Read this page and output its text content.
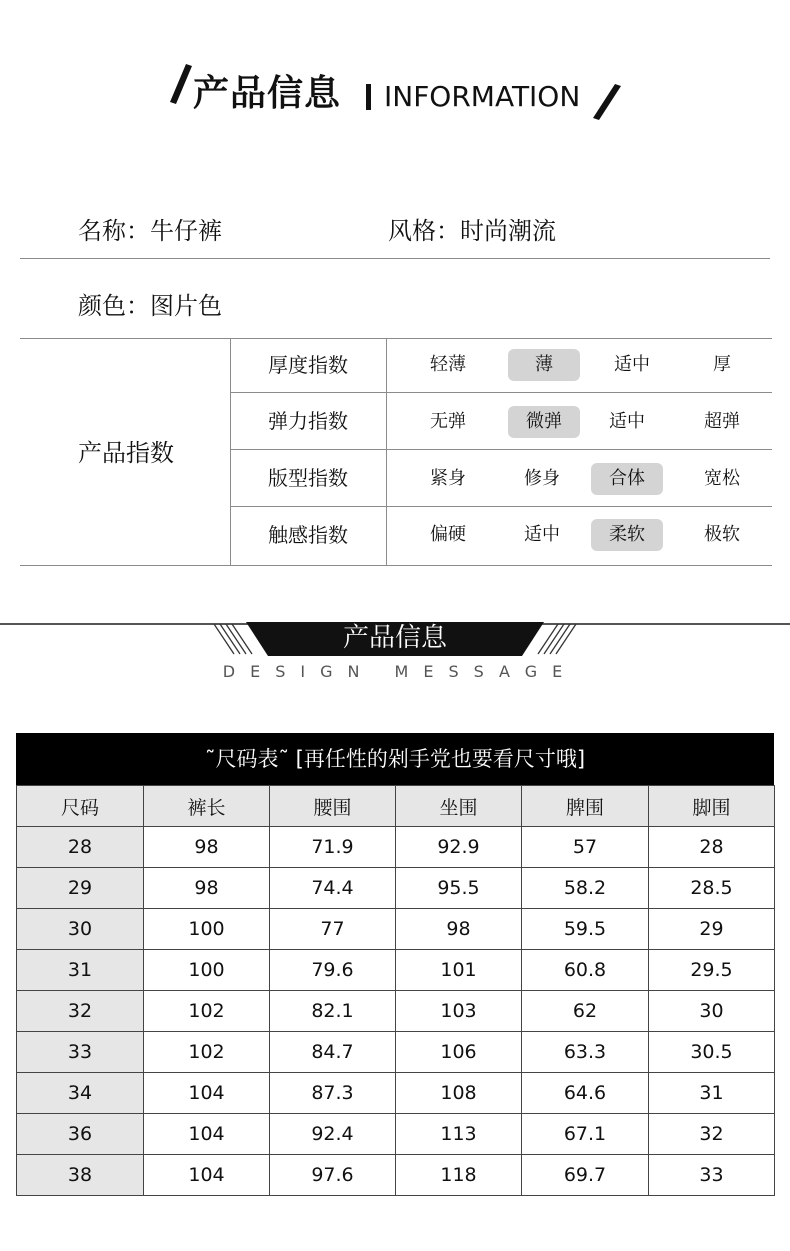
产品信息 INFORMATION
名称：牛仔裤	风格：时尚潮流
颜色：图片色
产品指数
厚度指数	轻薄	薄	适中	厚
弹力指数	无弹	微弹	适中	超弹
版型指数	紧身	修身	合体	宽松
触感指数	偏硬	适中	柔软	极软
产品信息
DESIGN MESSAGE
˜尺码表˜ [再任性的剁手党也要看尺寸哦]
尺码	裤长	腰围	坐围	脾围	脚围
28	98	71.9	92.9	57	28
29	98	74.4	95.5	58.2	28.5
30	100	77	98	59.5	29
31	100	79.6	101	60.8	29.5
32	102	82.1	103	62	30
33	102	84.7	106	63.3	30.5
34	104	87.3	108	64.6	31
36	104	92.4	113	67.1	32
38	104	97.6	118	69.7	33
